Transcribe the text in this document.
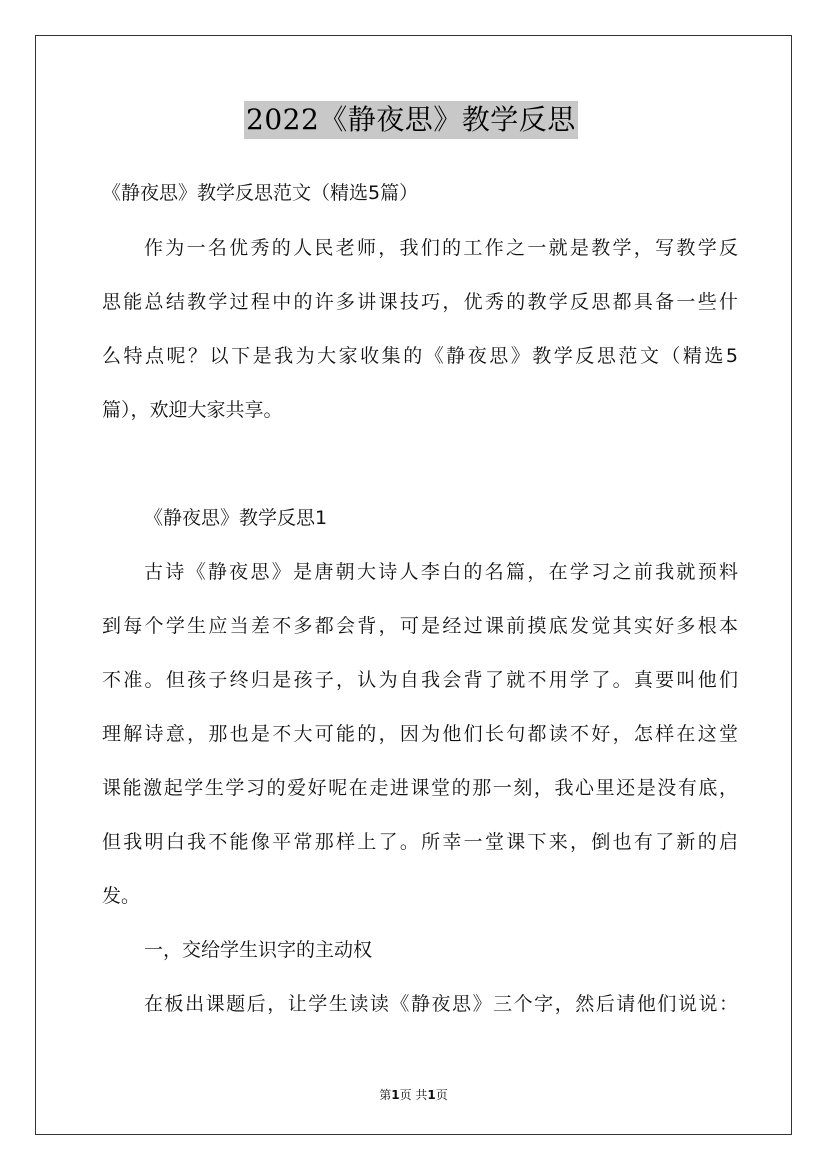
2022《静夜思》教学反思
《静夜思》教学反思范文（精选5篇）
作为一名优秀的人民老师，我们的工作之一就是教学，写教学反
思能总结教学过程中的许多讲课技巧，优秀的教学反思都具备一些什
么特点呢？以下是我为大家收集的《静夜思》教学反思范文（精选5
篇），欢迎大家共享。
《静夜思》教学反思1
古诗《静夜思》是唐朝大诗人李白的名篇，在学习之前我就预料
到每个学生应当差不多都会背，可是经过课前摸底发觉其实好多根本
不准。但孩子终归是孩子，认为自我会背了就不用学了。真要叫他们
理解诗意，那也是不大可能的，因为他们长句都读不好，怎样在这堂
课能激起学生学习的爱好呢在走进课堂的那一刻，我心里还是没有底，
但我明白我不能像平常那样上了。所幸一堂课下来，倒也有了新的启
发。
一，交给学生识字的主动权
在板出课题后，让学生读读《静夜思》三个字，然后请他们说说：
第1页 共1页
